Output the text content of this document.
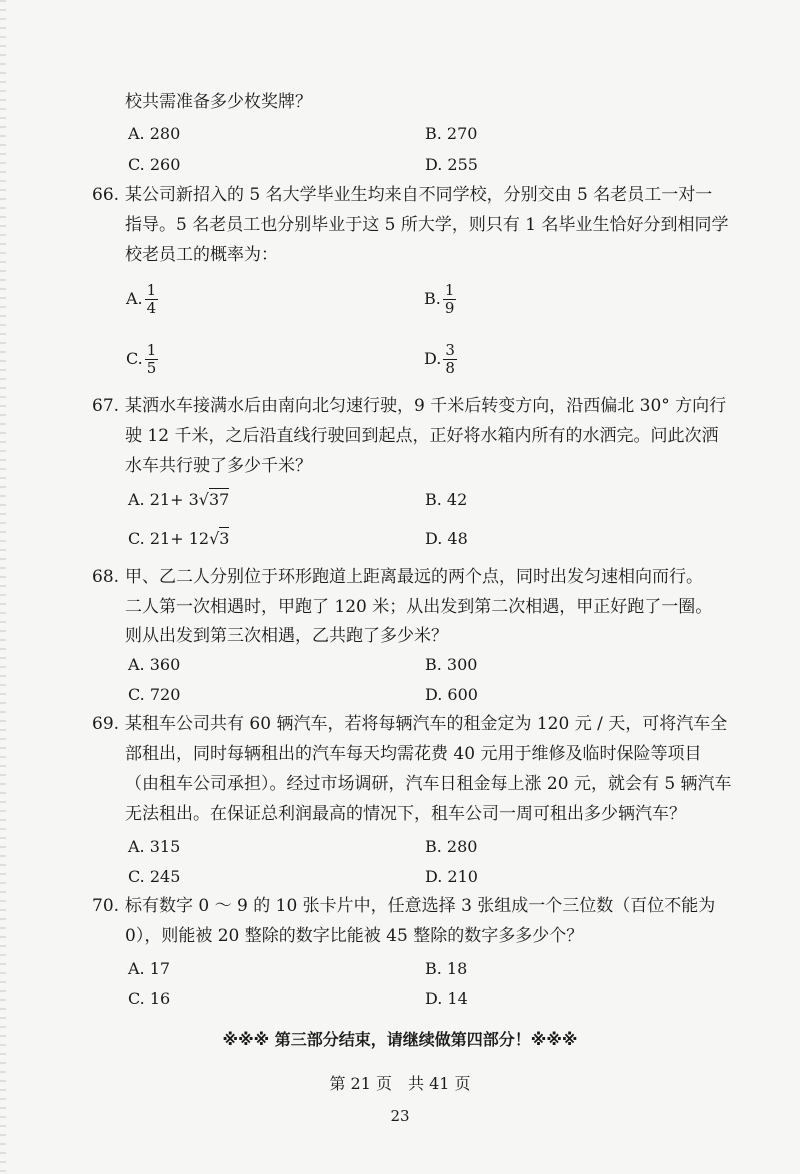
校共需准备多少枚奖牌？
A. 280	B. 270
C. 260	D. 255
66. 某公司新招入的 5 名大学毕业生均来自不同学校，分别交由 5 名老员工一对一
指导。5 名老员工也分别毕业于这 5 所大学，则只有 1 名毕业生恰好分到相同学
校老员工的概率为：
A. $\frac{1}{4}$	B. $\frac{1}{9}$
C. $\frac{1}{5}$	D. $\frac{3}{8}$
67. 某洒水车接满水后由南向北匀速行驶，9 千米后转变方向，沿西偏北 30° 方向行
驶 12 千米，之后沿直线行驶回到起点，正好将水箱内所有的水洒完。问此次洒
水车共行驶了多少千米？
A. 21+ 3√37	B. 42
C. 21+ 12√3	D. 48
68. 甲、乙二人分别位于环形跑道上距离最远的两个点，同时出发匀速相向而行。
二人第一次相遇时，甲跑了 120 米；从出发到第二次相遇，甲正好跑了一圈。
则从出发到第三次相遇，乙共跑了多少米？
A. 360	B. 300
C. 720	D. 600
69. 某租车公司共有 60 辆汽车，若将每辆汽车的租金定为 120 元 / 天，可将汽车全
部租出，同时每辆租出的汽车每天均需花费 40 元用于维修及临时保险等项目
（由租车公司承担）。经过市场调研，汽车日租金每上涨 20 元，就会有 5 辆汽车
无法租出。在保证总利润最高的情况下，租车公司一周可租出多少辆汽车？
A. 315	B. 280
C. 245	D. 210
70. 标有数字 0 ～ 9 的 10 张卡片中，任意选择 3 张组成一个三位数（百位不能为
0），则能被 20 整除的数字比能被 45 整除的数字多多少个？
A. 17	B. 18
C. 16	D. 14
※※※ 第三部分结束，请继续做第四部分！※※※
第 21 页　共 41 页
23
